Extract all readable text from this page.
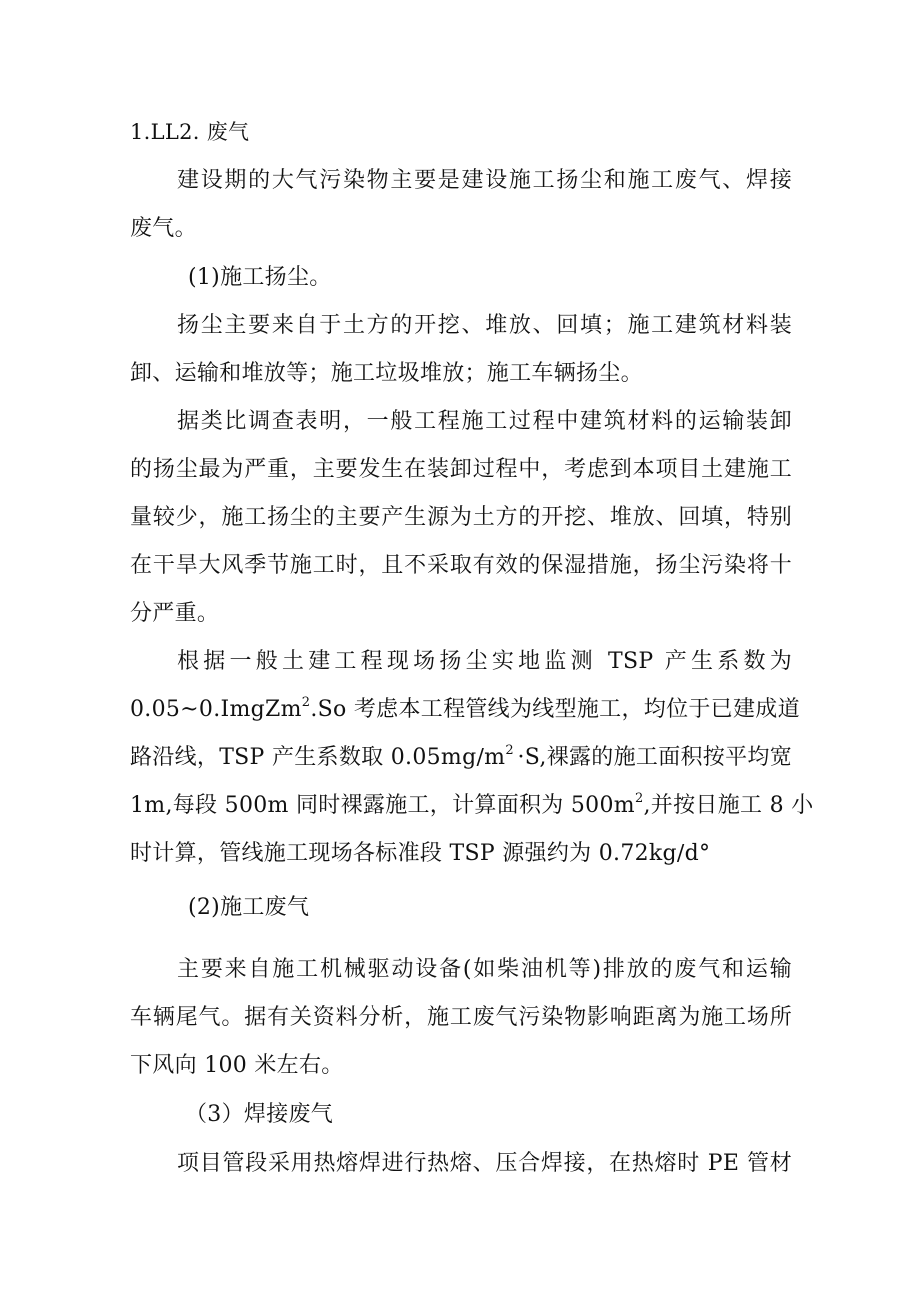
1.LL2. 废气
建设期的大气污染物主要是建设施工扬尘和施工废气、焊接
废气。
(1)施工扬尘。
扬尘主要来自于土方的开挖、堆放、回填；施工建筑材料装
卸、运输和堆放等；施工垃圾堆放；施工车辆扬尘。
据类比调查表明，一般工程施工过程中建筑材料的运输装卸
的扬尘最为严重，主要发生在装卸过程中，考虑到本项目土建施工
量较少，施工扬尘的主要产生源为土方的开挖、堆放、回填，特别
在干旱大风季节施工时，且不采取有效的保湿措施，扬尘污染将十
分严重。
根据一般土建工程现场扬尘实地监测 TSP 产生系数为
0.05~0.ImgZm$^2$ .So 考虑本工程管线为线型施工，均位于已建成道
路沿线，TSP 产生系数取 $0.05mg∕m^2 \cdot S$,裸露的施工面积按平均宽
1m,每段 500m 同时裸露施工，计算面积为 $500m^2$ ,并按日施工 8 小
时计算，管线施工现场各标准段 TSP 源强约为 0.72kg∕d°
(2)施工废气
主要来自施工机械驱动设备(如柴油机等)排放的废气和运输
车辆尾气。据有关资料分析，施工废气污染物影响距离为施工场所
下风向 100 米左右。
（3）焊接废气
项目管段采用热熔焊进行热熔、压合焊接，在热熔时 PE 管材
